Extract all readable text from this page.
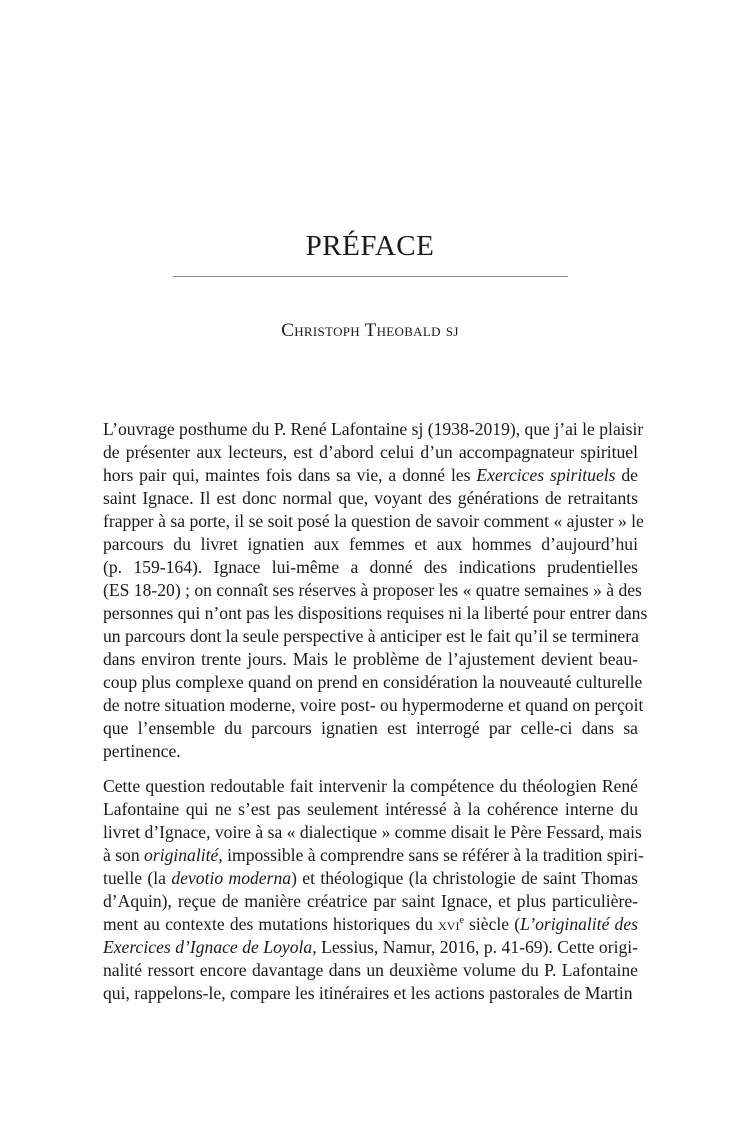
PRÉFACE
Christoph Theobald sj
L’ouvrage posthume du P. René Lafontaine sj (1938-2019), que j’ai le plaisir
de présenter aux lecteurs, est d’abord celui d’un accompagnateur spirituel
hors pair qui, maintes fois dans sa vie, a donné les Exercices spirituels de
saint Ignace. Il est donc normal que, voyant des générations de retraitants
frapper à sa porte, il se soit posé la question de savoir comment « ajuster » le
parcours du livret ignatien aux femmes et aux hommes d’aujourd’hui
(p. 159-164). Ignace lui-même a donné des indications prudentielles
(ES 18-20) ; on connaît ses réserves à proposer les « quatre semaines » à des
personnes qui n’ont pas les dispositions requises ni la liberté pour entrer dans
un parcours dont la seule perspective à anticiper est le fait qu’il se terminera
dans environ trente jours. Mais le problème de l’ajustement devient beau-
coup plus complexe quand on prend en considération la nouveauté culturelle
de notre situation moderne, voire post- ou hypermoderne et quand on perçoit
que l’ensemble du parcours ignatien est interrogé par celle-ci dans sa
pertinence.
Cette question redoutable fait intervenir la compétence du théologien René
Lafontaine qui ne s’est pas seulement intéressé à la cohérence interne du
livret d’Ignace, voire à sa « dialectique » comme disait le Père Fessard, mais
à son originalité, impossible à comprendre sans se référer à la tradition spiri-
tuelle (la devotio moderna) et théologique (la christologie de saint Thomas
d’Aquin), reçue de manière créatrice par saint Ignace, et plus particulière-
ment au contexte des mutations historiques du xvi$^e$ siècle (L’originalité des
Exercices d’Ignace de Loyola, Lessius, Namur, 2016, p. 41-69). Cette origi-
nalité ressort encore davantage dans un deuxième volume du P. Lafontaine
qui, rappelons-le, compare les itinéraires et les actions pastorales de Martin
